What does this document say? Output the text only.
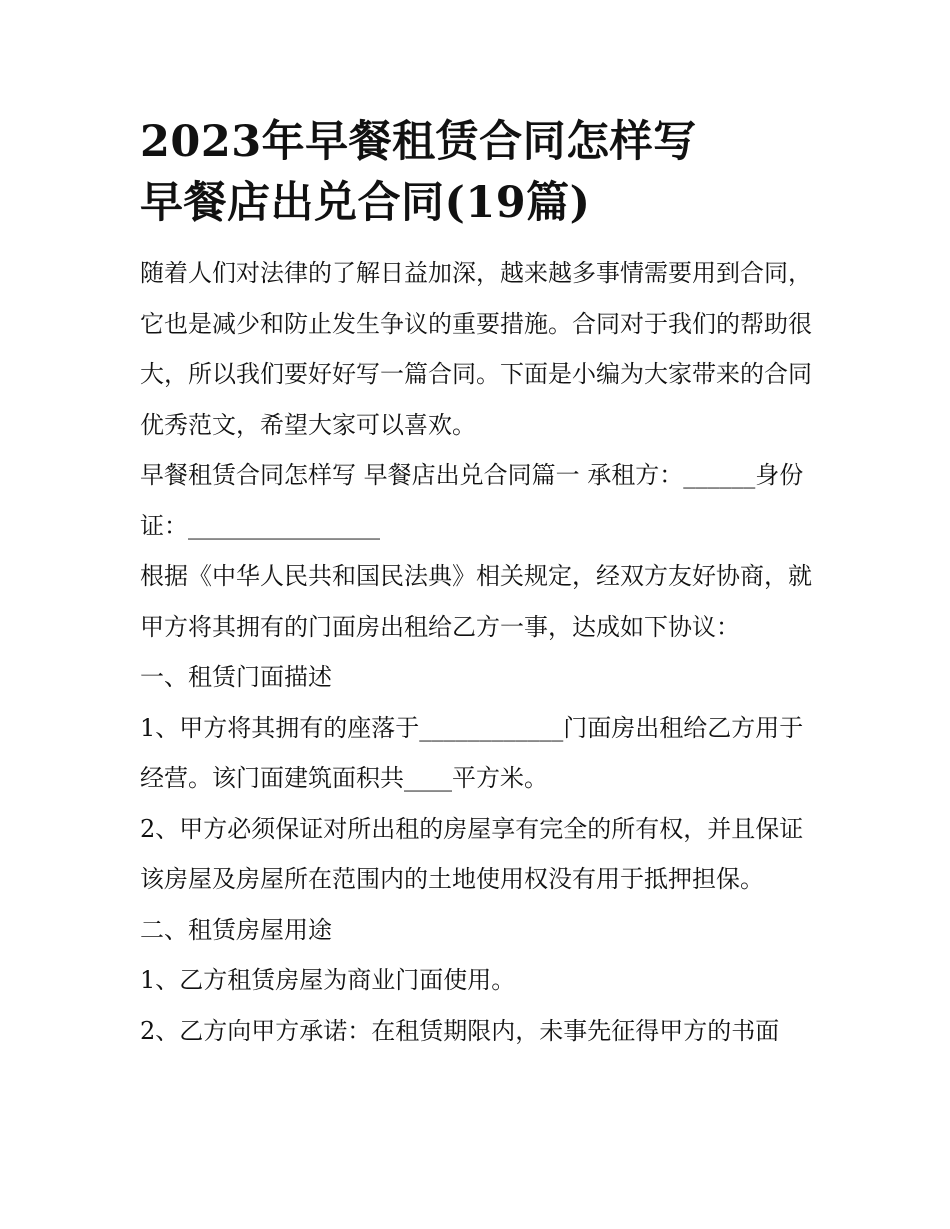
2023年早餐租赁合同怎样写
早餐店出兑合同(19篇)

随着人们对法律的了解日益加深，越来越多事情需要用到合同，它也是减少和防止发生争议的重要措施。合同对于我们的帮助很大，所以我们要好好写一篇合同。下面是小编为大家带来的合同优秀范文，希望大家可以喜欢。

早餐租赁合同怎样写 早餐店出兑合同篇一 承租方：______身份证：________________

根据《中华人民共和国民法典》相关规定，经双方友好协商，就甲方将其拥有的门面房出租给乙方一事，达成如下协议：

一、租赁门面描述

1、甲方将其拥有的座落于____________门面房出租给乙方用于经营。该门面建筑面积共____平方米。

2、甲方必须保证对所出租的房屋享有完全的所有权，并且保证该房屋及房屋所在范围内的土地使用权没有用于抵押担保。

二、租赁房屋用途

1、乙方租赁房屋为商业门面使用。

2、乙方向甲方承诺：在租赁期限内，未事先征得甲方的书面
